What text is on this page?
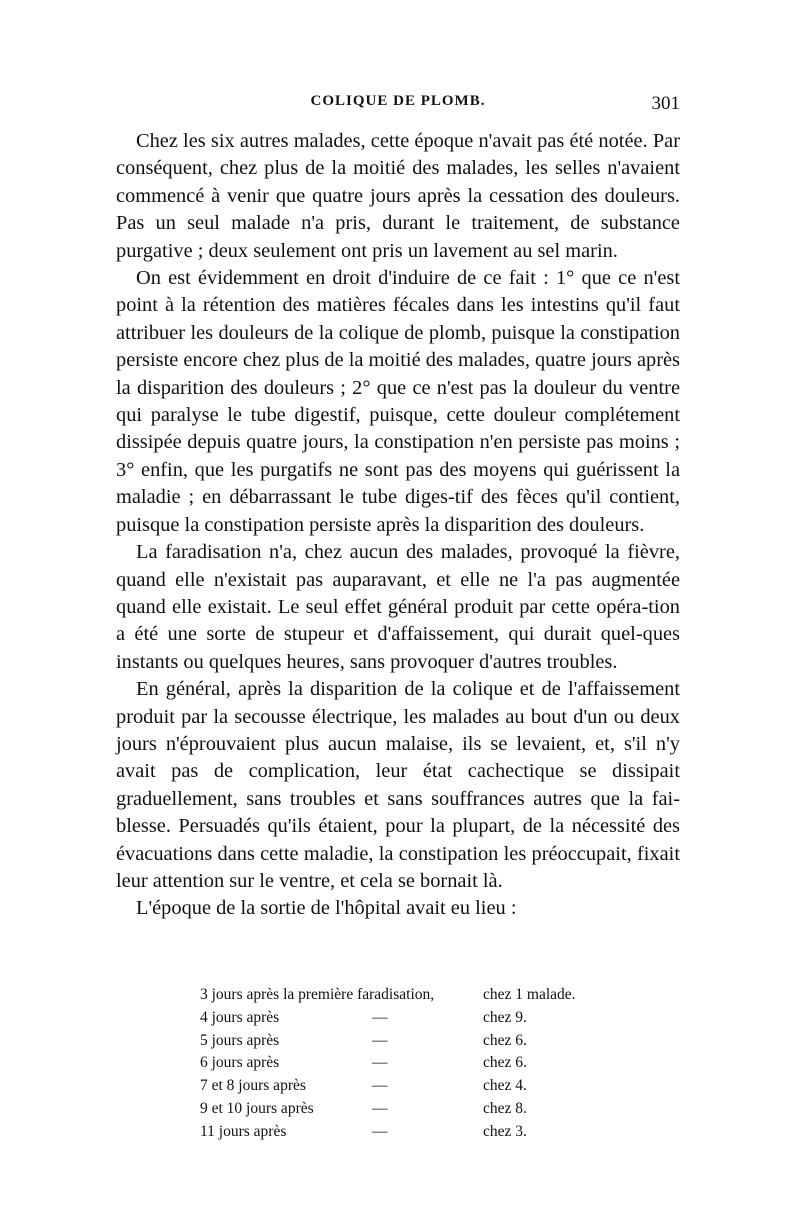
COLIQUE DE PLOMB.	301

Chez les six autres malades, cette époque n'avait pas été notée. Par conséquent, chez plus de la moitié des malades, les selles n'avaient commencé à venir que quatre jours après la cessation des douleurs. Pas un seul malade n'a pris, durant le traitement, de substance purgative ; deux seulement ont pris un lavement au sel marin.

On est évidemment en droit d'induire de ce fait : 1° que ce n'est point à la rétention des matières fécales dans les intestins qu'il faut attribuer les douleurs de la colique de plomb, puisque la constipation persiste encore chez plus de la moitié des malades, quatre jours après la disparition des douleurs ; 2° que ce n'est pas la douleur du ventre qui paralyse le tube digestif, puisque, cette douleur complétement dissipée depuis quatre jours, la constipation n'en persiste pas moins ; 3° enfin, que les purgatifs ne sont pas des moyens qui guérissent la maladie ; en débarrassant le tube diges-tif des fèces qu'il contient, puisque la constipation persiste après la disparition des douleurs.

La faradisation n'a, chez aucun des malades, provoqué la fièvre, quand elle n'existait pas auparavant, et elle ne l'a pas augmentée quand elle existait. Le seul effet général produit par cette opéra-tion a été une sorte de stupeur et d'affaissement, qui durait quel-ques instants ou quelques heures, sans provoquer d'autres troubles.

En général, après la disparition de la colique et de l'affaissement produit par la secousse électrique, les malades au bout d'un ou deux jours n'éprouvaient plus aucun malaise, ils se levaient, et, s'il n'y avait pas de complication, leur état cachectique se dissipait graduellement, sans troubles et sans souffrances autres que la fai-blesse. Persuadés qu'ils étaient, pour la plupart, de la nécessité des évacuations dans cette maladie, la constipation les préoccupait, fixait leur attention sur le ventre, et cela se bornait là.

L'époque de la sortie de l'hôpital avait eu lieu :

3 jours après la première faradisation,	chez 1 malade.
4 jours après	—	chez 9.
5 jours après	—	chez 6.
6 jours après	—	chez 6.
7 et 8 jours après	—	chez 4.
9 et 10 jours après	—	chez 8.
11 jours après	—	chez 3.
